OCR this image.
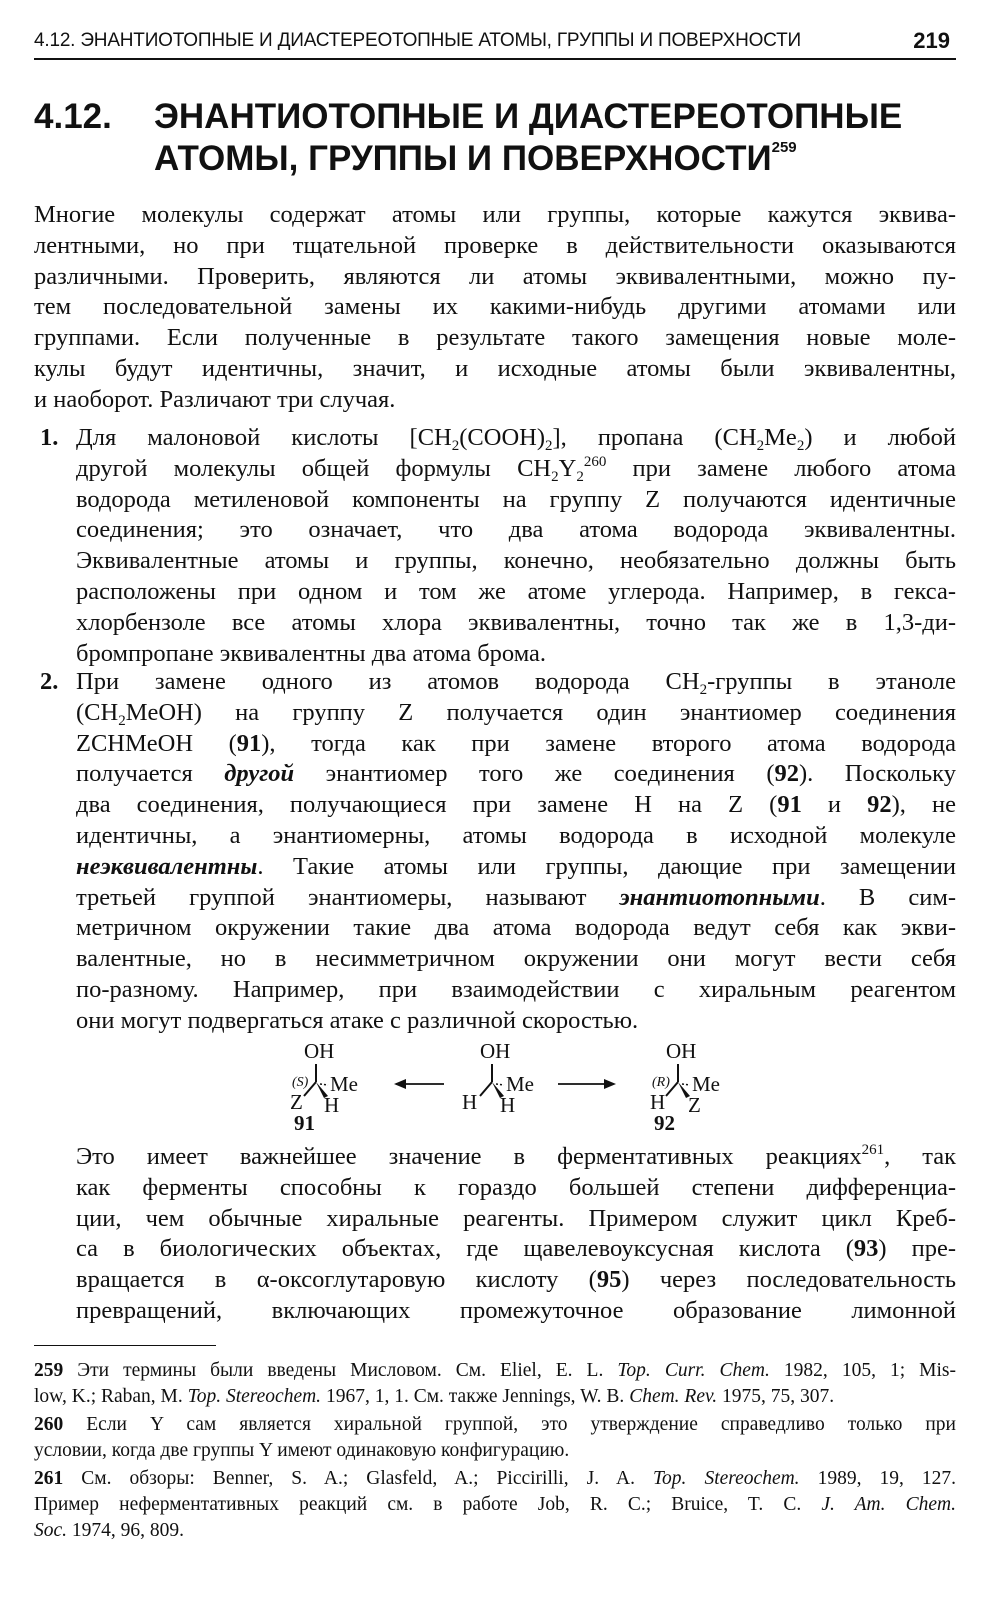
4.12. ЭНАНТИОТОПНЫЕ И ДИАСТЕРЕОТОПНЫЕ АТОМЫ, ГРУППЫ И ПОВЕРХНОСТИ	219
4.12. ЭНАНТИОТОПНЫЕ И ДИАСТЕРЕОТОПНЫЕ
АТОМЫ, ГРУППЫ И ПОВЕРХНОСТИ$^{259}$
Многие молекулы содержат атомы или группы, которые кажутся эквива-
лентными, но при тщательной проверке в действительности оказываются
различными. Проверить, являются ли атомы эквивалентными, можно пу-
тем последовательной замены их какими-нибудь другими атомами или
группами. Если полученные в результате такого замещения новые моле-
кулы будут идентичны, значит, и исходные атомы были эквивалентны,
и наоборот. Различают три случая.
1. Для малоновой кислоты $[CH_2(COOH)_2]$, пропана $(CH_2Me_2)$ и любой
другой молекулы общей формулы $CH_2Y_2^{260}$ при замене любого атома
водорода метиленовой компоненты на группу Z получаются идентичные
соединения; это означает, что два атома водорода эквивалентны.
Эквивалентные атомы и группы, конечно, необязательно должны быть
расположены при одном и том же атоме углерода. Например, в гекса-
хлорбензоле все атомы хлора эквивалентны, точно так же в 1,3-ди-
бромпропане эквивалентны два атома брома.
2. При замене одного из атомов водорода $CH_2$-группы в этаноле
$(CH_2MeOH)$ на группу Z получается один энантиомер соединения
ZCHMeOH (91), тогда как при замене второго атома водорода
получается другой энантиомер того же соединения (92). Поскольку
два соединения, получающиеся при замене H на Z (91 и 92), не
идентичны, а энантиомерны, атомы водорода в исходной молекуле
неэквивалентны. Такие атомы или группы, дающие при замещении
третьей группой энантиомеры, называют энантиотопными. В сим-
метричном окружении такие два атома водорода ведут себя как экви-
валентные, но в несимметричном окружении они могут вести себя
по-разному. Например, при взаимодействии с хиральным реагентом
они могут подвергаться атаке с различной скоростью.
OH
(S) Me
Z H
91
OH
Me
H H
OH
(R) Me
H Z
92
Это имеет важнейшее значение в ферментативных реакциях$^{261}$, так
как ферменты способны к гораздо большей степени дифференциа-
ции, чем обычные хиральные реагенты. Примером служит цикл Креб-
са в биологических объектах, где щавелевоуксусная кислота (93) пре-
вращается в α-оксоглутаровую кислоту (95) через последовательность
превращений, включающих промежуточное образование лимонной
259 Эти термины были введены Мисловом. См. Eliel, E. L. Top. Curr. Chem. 1982, 105, 1; Mis-
low, K.; Raban, M. Top. Stereochem. 1967, 1, 1. См. также Jennings, W. B. Chem. Rev. 1975, 75, 307.
260 Если Y сам является хиральной группой, это утверждение справедливо только при
условии, когда две группы Y имеют одинаковую конфигурацию.
261 См. обзоры: Benner, S. A.; Glasfeld, A.; Piccirilli, J. A. Top. Stereochem. 1989, 19, 127.
Пример неферментативных реакций см. в работе Job, R. C.; Bruice, T. C. J. Am. Chem.
Soc. 1974, 96, 809.
